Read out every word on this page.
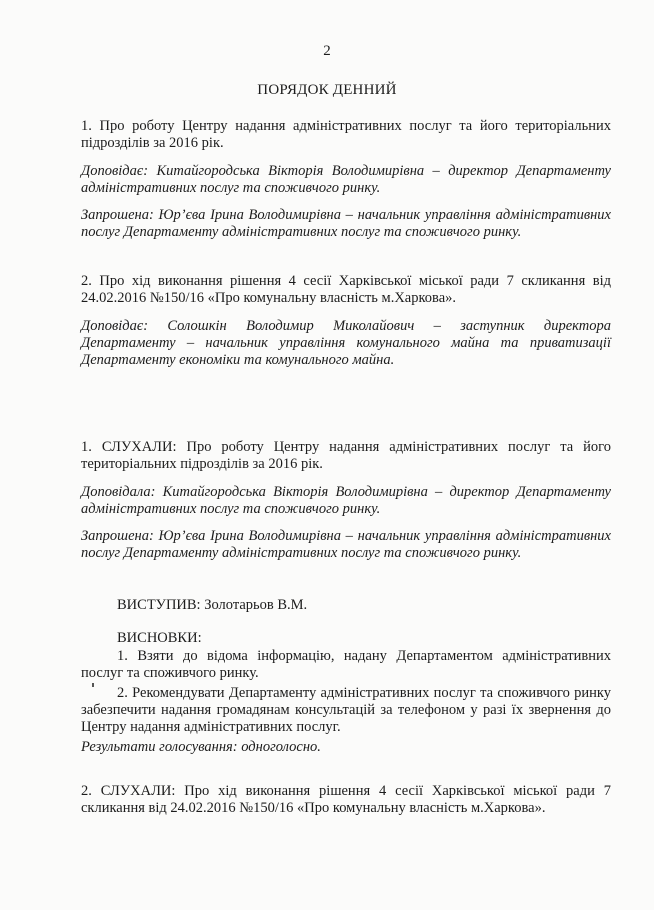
2
ПОРЯДОК ДЕННИЙ
1. Про роботу Центру надання адміністративних послуг та його територіальних підрозділів за 2016 рік.
Доповідає: Китайгородська Вікторія Володимирівна – директор Департаменту адміністративних послуг та споживчого ринку.
Запрошена: Юр’єва Ірина Володимирівна – начальник управління адміністративних послуг Департаменту адміністративних послуг та споживчого ринку.
2. Про хід виконання рішення 4 сесії Харківської міської ради 7 скликання від 24.02.2016 №150/16 «Про комунальну власність м.Харкова».
Доповідає: Солошкін Володимир Миколайович – заступник директора Департаменту – начальник управління комунального майна та приватизації Департаменту економіки та комунального майна.
1. СЛУХАЛИ: Про роботу Центру надання адміністративних послуг та його територіальних підрозділів за 2016 рік.
Доповідала: Китайгородська Вікторія Володимирівна – директор Департаменту адміністративних послуг та споживчого ринку.
Запрошена: Юр’єва Ірина Володимирівна – начальник управління адміністративних послуг Департаменту адміністративних послуг та споживчого ринку.
ВИСТУПИВ: Золотарьов В.М.
ВИСНОВКИ:
1. Взяти до відома інформацію, надану Департаментом адміністративних послуг та споживчого ринку.
2. Рекомендувати Департаменту адміністративних послуг та споживчого ринку забезпечити надання громадянам консультацій за телефоном у разі їх звернення до Центру надання адміністративних послуг.
Результати голосування: одноголосно.
2. СЛУХАЛИ: Про хід виконання рішення 4 сесії Харківської міської ради 7 скликання від 24.02.2016 №150/16 «Про комунальну власність м.Харкова».
